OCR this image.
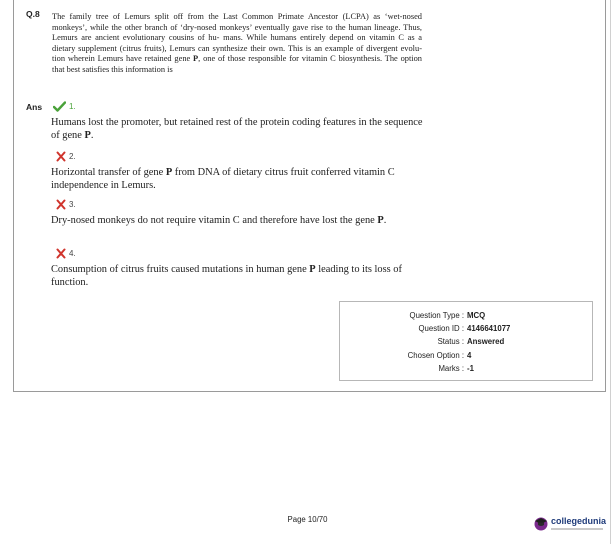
Q.8 The family tree of Lemurs split off from the Last Common Primate Ancestor (LCPA) as ‘wet-nosed monkeys’, while the other branch of ‘dry-nosed monkeys’ eventually gave rise to the human lineage. Thus, Lemurs are ancient evolutionary cousins of hu- mans. While humans entirely depend on vitamin C as a dietary supplement (citrus fruits), Lemurs can synthesize their own. This is an example of divergent evolu- tion wherein Lemurs have retained gene P, one of those responsible for vitamin C biosynthesis. The option that best satisfies this information is
Ans	1.
Humans lost the promoter, but retained rest of the protein coding features in the sequence of gene P.
2.
Horizontal transfer of gene P from DNA of dietary citrus fruit conferred vitamin C independence in Lemurs.
3.
Dry-nosed monkeys do not require vitamin C and therefore have lost the gene P.
4.
Consumption of citrus fruits caused mutations in human gene P leading to its loss of function.
Question Type : MCQ
Question ID : 4146641077
Status : Answered
Chosen Option : 4
Marks : -1
Page 10/70	collegedunia
